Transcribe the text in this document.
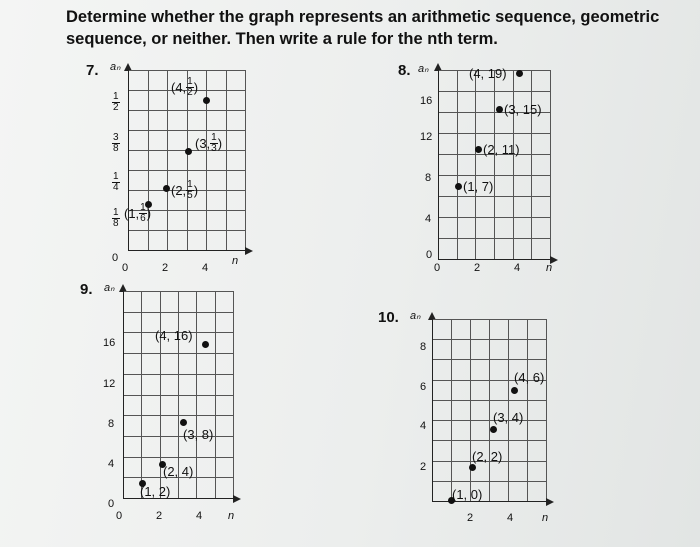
Determine whether the graph represents an arithmetic sequence, geometric sequence, or neither. Then write a rule for the nth term.
7. aₙ
n
0
0	2	4
1
8
1
4
3
8
1
2
(1, $\frac{1}{6}$ )
(2, $\frac{1}{5}$ )
(3, $\frac{1}{3}$ )
(4, $\frac{1}{2}$ )
8. aₙ
n
0
0	2	4
4
8
12
16
(1, 7)
(2, 11)
(3, 15)
(4, 19)
9. aₙ
n
0
0	2	4
4
8
12
16
(1, 2)
(2, 4)
(3, 8)
(4, 16)
10. aₙ
n
2	4
2
4
6
8
(1, 0)
(2, 2)
(3, 4)
(4, 6)
